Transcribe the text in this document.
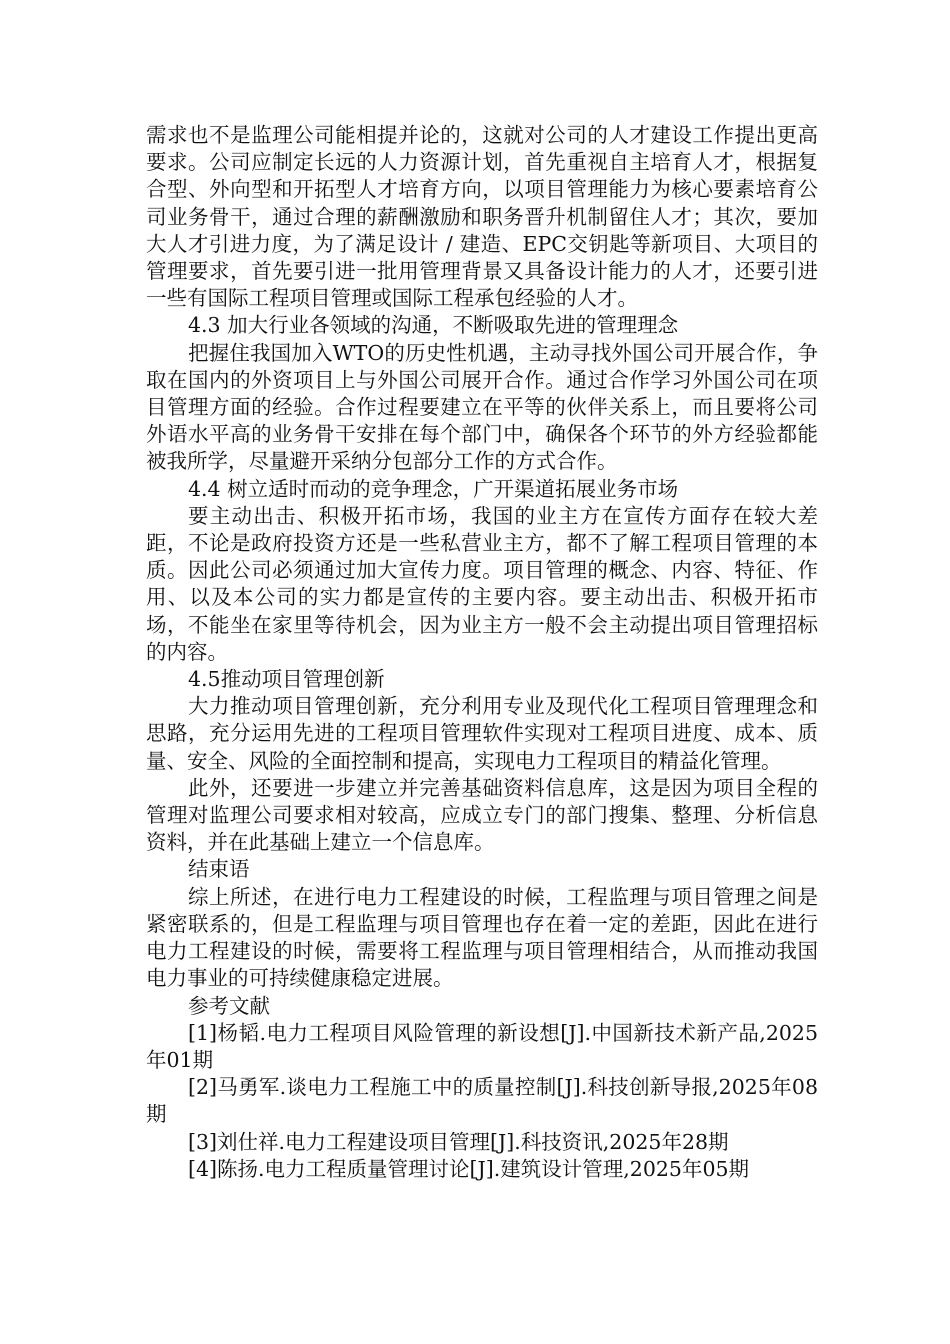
需求也不是监理公司能相提并论的，这就对公司的人才建设工作提出更高要求。公司应制定长远的人力资源计划，首先重视自主培育人才，根据复合型、外向型和开拓型人才培育方向，以项目管理能力为核心要素培育公司业务骨干，通过合理的薪酬激励和职务晋升机制留住人才；其次，要加大人才引进力度，为了满足设计 / 建造、EPC交钥匙等新项目、大项目的管理要求，首先要引进一批用管理背景又具备设计能力的人才，还要引进一些有国际工程项目管理或国际工程承包经验的人才。

4.3 加大行业各领域的沟通，不断吸取先进的管理理念

把握住我国加入WTO的历史性机遇，主动寻找外国公司开展合作，争取在国内的外资项目上与外国公司展开合作。通过合作学习外国公司在项目管理方面的经验。合作过程要建立在平等的伙伴关系上，而且要将公司外语水平高的业务骨干安排在每个部门中，确保各个环节的外方经验都能被我所学，尽量避开采纳分包部分工作的方式合作。

4.4 树立适时而动的竞争理念，广开渠道拓展业务市场

要主动出击、积极开拓市场，我国的业主方在宣传方面存在较大差距，不论是政府投资方还是一些私营业主方，都不了解工程项目管理的本质。因此公司必须通过加大宣传力度。项目管理的概念、内容、特征、作用、以及本公司的实力都是宣传的主要内容。要主动出击、积极开拓市场，不能坐在家里等待机会，因为业主方一般不会主动提出项目管理招标的内容。

4.5推动项目管理创新

大力推动项目管理创新，充分利用专业及现代化工程项目管理理念和思路，充分运用先进的工程项目管理软件实现对工程项目进度、成本、质量、安全、风险的全面控制和提高，实现电力工程项目的精益化管理。

此外，还要进一步建立并完善基础资料信息库，这是因为项目全程的管理对监理公司要求相对较高，应成立专门的部门搜集、整理、分析信息资料，并在此基础上建立一个信息库。

结束语

综上所述，在进行电力工程建设的时候，工程监理与项目管理之间是紧密联系的，但是工程监理与项目管理也存在着一定的差距，因此在进行电力工程建设的时候，需要将工程监理与项目管理相结合，从而推动我国电力事业的可持续健康稳定进展。

参考文献

[1]杨韬.电力工程项目风险管理的新设想[J].中国新技术新产品,2025年01期

[2]马勇军.谈电力工程施工中的质量控制[J].科技创新导报,2025年08期

[3]刘仕祥.电力工程建设项目管理[J].科技资讯,2025年28期

[4]陈扬.电力工程质量管理讨论[J].建筑设计管理,2025年05期
